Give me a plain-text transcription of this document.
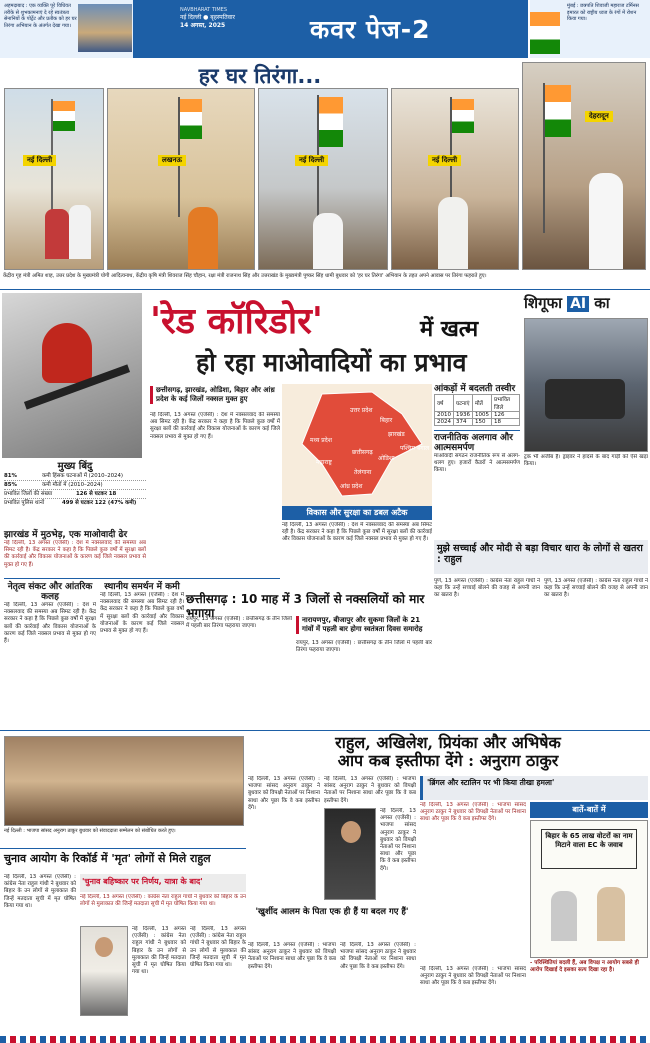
अहमदाबाद : एक व्यक्ति पूरे विधिवत तरीके से शुभकामनाएं दे रहे स्वतंत्रता सेनानियों के पोर्ट्रेट और प्रतीक को हर घर तिरंगा अभियान के अंतर्गत देखा गया।
NAVBHARAT TIMES
नई दिल्ली ● बृहस्पतिवार
14 अगस्त, 2025	कवर पेज-2
मुंबई : छत्रपति शिवाजी महाराज टर्मिनस इमारत को राष्ट्रीय ध्वज के रंगों में रोशन किया गया।
हर घर तिरंगा...
नई दिल्ली	लखनऊ	नई दिल्ली	नई दिल्ली
देहरादून
केंद्रीय गृह मंत्री अमित शाह, उत्तर प्रदेश के मुख्यमंत्री योगी आदित्यनाथ, केंद्रीय कृषि मंत्री शिवराज सिंह चौहान, रक्षा मंत्री राजनाथ सिंह और उत्तराखंड के मुख्यमंत्री पुष्कर सिंह धामी बुधवार को 'हर घर तिरंगा' अभियान के तहत अपने आवास पर तिरंगा फहराते हुए।
'रेड कॉरिडोर'	में खत्म
हो रहा माओवादियों का प्रभाव
छत्तीसगढ़, झारखंड, ओडिशा, बिहार और आंध्र प्रदेश के कई जिलों नक्सल मुक्त हुए
नई दिल्ली, 13 अगस्त (एजेंसी) : देश में नक्सलवाद की समस्या अब सिमट रही है। केंद्र सरकार ने कहा है कि पिछले कुछ वर्षों में सुरक्षा बलों की कार्रवाई और विकास योजनाओं के कारण कई जिले नक्सल प्रभाव से मुक्त हो गए हैं।
उत्तर प्रदेश
बिहार
झारखंड
पश्चिम बंगाल
मध्य प्रदेश
महाराष्ट्र
छत्तीसगढ़
ओडिशा
तेलंगाना
आंध्र प्रदेश
विकास और सुरक्षा का डबल अटैक
नई दिल्ली, 13 अगस्त (एजेंसी) : देश में नक्सलवाद की समस्या अब सिमट रही है। केंद्र सरकार ने कहा है कि पिछले कुछ वर्षों में सुरक्षा बलों की कार्रवाई और विकास योजनाओं के कारण कई जिले नक्सल प्रभाव से मुक्त हो गए हैं।
आंकड़ों में बदलती तस्वीर
वर्ष	घटनाएं	मौतें	प्रभावित जिले
2010	1936	1005	126
2024	374	150	18
राजनीतिक अलगाव और आत्मसमर्पण
माओवादी संगठन राजनीतिक रूप से अलग-थलग हुए। हजारों कैडरों ने आत्मसमर्पण किया।
शिगूफा AI का
ट्रक भी अजीब है। ड्राइवर ने हादसे के बाद गाड़ी को ऐसे खड़ा किया।
मुख्य बिंदु
81%	कमी हिंसक घटनाओं में (2010–2024)
85%	कमी मौतों में (2010–2024)
प्रभावित जिलों की संख्या	126 से घटकर 18
प्रभावित पुलिस थानों	499 से घटकर 122 (47% कमी)
झारखंड में मुठभेड़, एक माओवादी ढेर
नई दिल्ली, 13 अगस्त (एजेंसी) : देश में नक्सलवाद की समस्या अब सिमट रही है। केंद्र सरकार ने कहा है कि पिछले कुछ वर्षों में सुरक्षा बलों की कार्रवाई और विकास योजनाओं के कारण कई जिले नक्सल प्रभाव से मुक्त हो गए हैं।
नेतृत्व संकट और आंतरिक कलह
नई दिल्ली, 13 अगस्त (एजेंसी) : देश में नक्सलवाद की समस्या अब सिमट रही है। केंद्र सरकार ने कहा है कि पिछले कुछ वर्षों में सुरक्षा बलों की कार्रवाई और विकास योजनाओं के कारण कई जिले नक्सल प्रभाव से मुक्त हो गए हैं।
स्थानीय समर्थन में कमी
नई दिल्ली, 13 अगस्त (एजेंसी) : देश में नक्सलवाद की समस्या अब सिमट रही है। केंद्र सरकार ने कहा है कि पिछले कुछ वर्षों में सुरक्षा बलों की कार्रवाई और विकास योजनाओं के कारण कई जिले नक्सल प्रभाव से मुक्त हो गए हैं।
मुझे सच्चाई और मोदी से बड़ा विचार धारा के लोगों से खतरा : राहुल
पुणे, 13 अगस्त (एजेंसी) : कांग्रेस नेता राहुल गांधी ने कहा कि उन्हें सच्चाई बोलने की वजह से अपनी जान का खतरा है।
पुणे, 13 अगस्त (एजेंसी) : कांग्रेस नेता राहुल गांधी ने कहा कि उन्हें सच्चाई बोलने की वजह से अपनी जान का खतरा है।
छत्तीसगढ़ : 10 माह में 3 जिलों से नक्सलियों को मार भगाया	नारायणपुर, बीजापुर और सुकमा जिलों के 21 गांवों में पहली बार होगा स्वतंत्रता दिवस समारोह
रायपुर, 13 अगस्त (एजेंसी) : छत्तीसगढ़ के तीन जिलों में पहली बार तिरंगा फहराया जाएगा।
रायपुर, 13 अगस्त (एजेंसी) : छत्तीसगढ़ के तीन जिलों में पहली बार तिरंगा फहराया जाएगा।
नई दिल्ली : भाजपा सांसद अनुराग ठाकुर बुधवार को संवाददाता सम्मेलन को संबोधित करते हुए।
राहुल, अखिलेश, प्रियंका और अभिषेक
आप कब इस्तीफा देंगे : अनुराग ठाकुर
नई दिल्ली, 13 अगस्त (एजेंसी) : भाजपा सांसद अनुराग ठाकुर ने बुधवार को विपक्षी नेताओं पर निशाना साधा और पूछा कि वे कब इस्तीफा देंगे।
नई दिल्ली, 13 अगस्त (एजेंसी) : भाजपा सांसद अनुराग ठाकुर ने बुधवार को विपक्षी नेताओं पर निशाना साधा और पूछा कि वे कब इस्तीफा देंगे।
नई दिल्ली, 13 अगस्त (एजेंसी) : भाजपा सांसद अनुराग ठाकुर ने बुधवार को विपक्षी नेताओं पर निशाना साधा और पूछा कि वे कब इस्तीफा देंगे।
'ब्रिंगल और स्टालिन पर भी किया तीखा हमला'
नई दिल्ली, 13 अगस्त (एजेंसी) : भाजपा सांसद अनुराग ठाकुर ने बुधवार को विपक्षी नेताओं पर निशाना साधा और पूछा कि वे कब इस्तीफा देंगे।
बातें-बातें में
बिहार के 65 लाख वोटरों का नाम मिटाने वाला EC के जवाब
- परिस्थितियां बदली हैं, अब विपक्ष न आयोग सबसे ही आरोप दिखाई दे इसका सत्य दिखा रहा है।
चुनाव आयोग के रिकॉर्ड में 'मृत' लोगों से मिले राहुल
नई दिल्ली, 13 अगस्त (एजेंसी) : कांग्रेस नेता राहुल गांधी ने बुधवार को बिहार के उन लोगों से मुलाकात की जिन्हें मतदाता सूची में मृत घोषित किया गया था।
'चुनाव बहिष्कार पर निर्णय, यात्रा के बाद'
नई दिल्ली, 13 अगस्त (एजेंसी) : कांग्रेस नेता राहुल गांधी ने बुधवार को बिहार के उन लोगों से मुलाकात की जिन्हें मतदाता सूची में मृत घोषित किया गया था।
नई दिल्ली, 13 अगस्त (एजेंसी) : कांग्रेस नेता राहुल गांधी ने बुधवार को बिहार के उन लोगों से मुलाकात की जिन्हें मतदाता सूची में मृत घोषित किया गया था।
नई दिल्ली, 13 अगस्त (एजेंसी) : कांग्रेस नेता राहुल गांधी ने बुधवार को बिहार के उन लोगों से मुलाकात की जिन्हें मतदाता सूची में मृत घोषित किया गया था।
'खुर्शीद आलम के पिता एक ही हैं या बदल गए हैं'
नई दिल्ली, 13 अगस्त (एजेंसी) : भाजपा सांसद अनुराग ठाकुर ने बुधवार को विपक्षी नेताओं पर निशाना साधा और पूछा कि वे कब इस्तीफा देंगे।
नई दिल्ली, 13 अगस्त (एजेंसी) : भाजपा सांसद अनुराग ठाकुर ने बुधवार को विपक्षी नेताओं पर निशाना साधा और पूछा कि वे कब इस्तीफा देंगे।	नई दिल्ली, 13 अगस्त (एजेंसी) : भाजपा सांसद अनुराग ठाकुर ने बुधवार को विपक्षी नेताओं पर निशाना साधा और पूछा कि वे कब इस्तीफा देंगे।
